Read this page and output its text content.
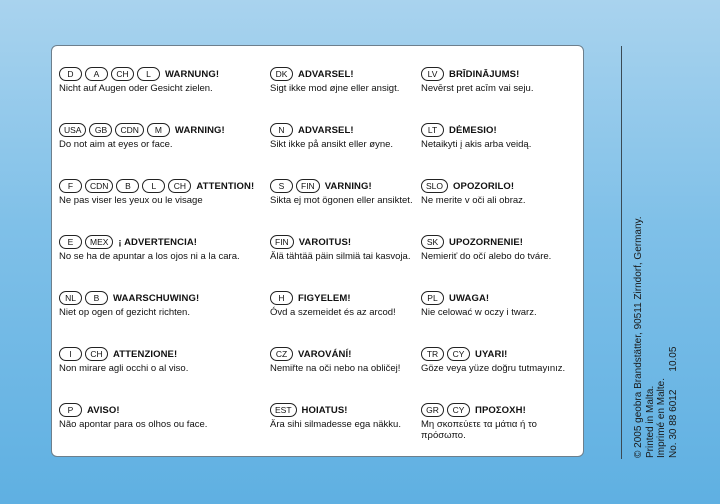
D	A	CH	L	WARNUNG!
Nicht auf Augen oder Gesicht zielen.
DK	ADVARSEL!
Sigt ikke mod øjne eller ansigt.
LV	BRĪDINĀJUMS!
Nevērst pret acīm vai seju.
USA	GB	CDN	M	WARNING!
Do not aim at eyes or face.
N	ADVARSEL!
Sikt ikke på ansikt eller øyne.
LT	DĖMESIO!
Netaikyti į akis arba veidą.
F	CDN	B	L	CH	ATTENTION!
Ne pas viser les yeux ou le visage
S	FIN	VARNING!
Sikta ej mot ögonen eller ansiktet.
SLO	OPOZORILO!
Ne merite v oči ali obraz.
E	MEX	¡ ADVERTENCIA!
No se ha de apuntar a los ojos ni a la cara.
FIN	VAROITUS!
Älä tähtää päin silmiä tai kasvoja.
SK	UPOZORNENIE!
Nemieriť do očí alebo do tváre.
NL	B	WAARSCHUWING!
Niet op ogen of gezicht richten.
H	FIGYELEM!
Óvd a szemeidet és az arcod!
PL	UWAGA!
Nie celować w oczy i twarz.
I	CH	ATTENZIONE!
Non mirare agli occhi o al viso.
CZ	VAROVÁNÍ!
Nemiřte na oči nebo na obličej!
TR	CY	UYARI!
Göze veya yüze doğru tutmayınız.
P	AVISO!
Não apontar para os olhos ou face.
EST	HOIATUS!
Ära sihi silmadesse ega näkku.
GR	CY	ΠΡΟΣΟΧΗ!
Μη σκοπεύετε τα μάτια ή το πρόσωπο.	© 2005 geobra Brandstätter, 90511 Zirndorf, Germany. Printed in Malta. Imprimé en Malte. No. 30 88 6012
10.05
